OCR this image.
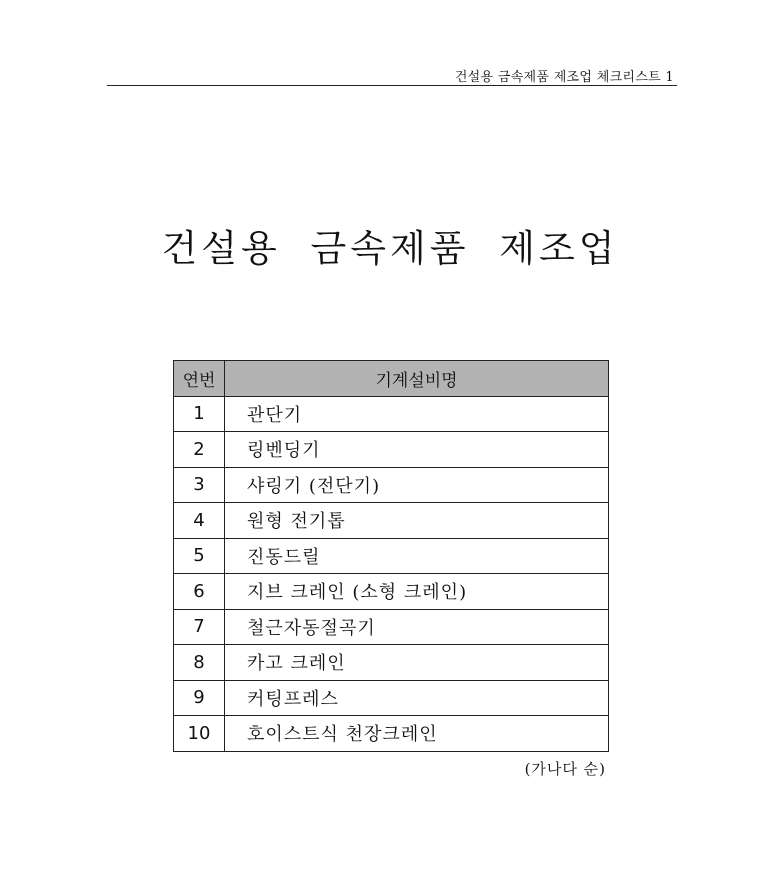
건설용 금속제품 제조업 체크리스트 1
건설용 금속제품 제조업
연번	기계설비명
1	관단기
2	링벤딩기
3	샤링기 (전단기)
4	원형 전기톱
5	진동드릴
6	지브 크레인 (소형 크레인)
7	철근자동절곡기
8	카고 크레인
9	커팅프레스
10	호이스트식 천장크레인
(가나다 순)
